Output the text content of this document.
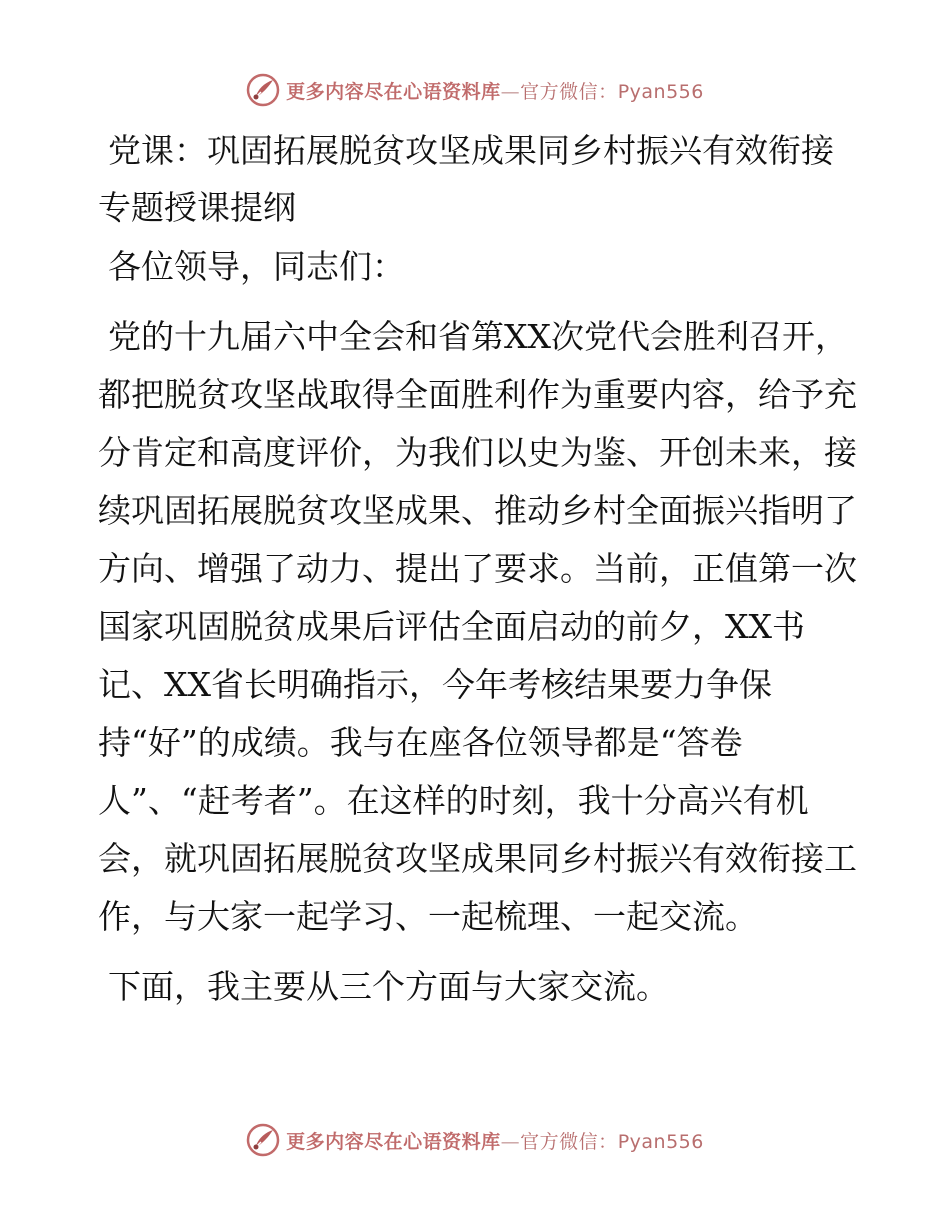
更多内容尽在心语资料库—官方微信：Pyan556
党课：巩固拓展脱贫攻坚成果同乡村振兴有效衔接专题授课提纲

各位领导，同志们：

党的十九届六中全会和省第XX次党代会胜利召开，都把脱贫攻坚战取得全面胜利作为重要内容，给予充分肯定和高度评价，为我们以史为鉴、开创未来，接续巩固拓展脱贫攻坚成果、推动乡村全面振兴指明了方向、增强了动力、提出了要求。当前，正值第一次国家巩固脱贫成果后评估全面启动的前夕，XX书记、XX省长明确指示，今年考核结果要力争保持“好”的成绩。我与在座各位领导都是“答卷人”、“赶考者”。在这样的时刻，我十分高兴有机会，就巩固拓展脱贫攻坚成果同乡村振兴有效衔接工作，与大家一起学习、一起梳理、一起交流。

下面，我主要从三个方面与大家交流。

更多内容尽在心语资料库—官方微信：Pyan556
